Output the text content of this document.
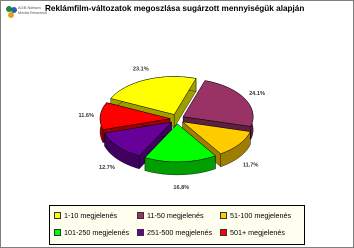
AGB Nielsen
Media Research
Reklámfilm-változatok megoszlása sugárzott mennyiségük alapján
23.1%
24.1%
11.7%
16.8%
12.7%
11.6%
1-10 megjelenés	11-50 megjelenés	51-100 megjelenés
101-250 megjelenés	251-500 megjelenés	501+ megjelenés
